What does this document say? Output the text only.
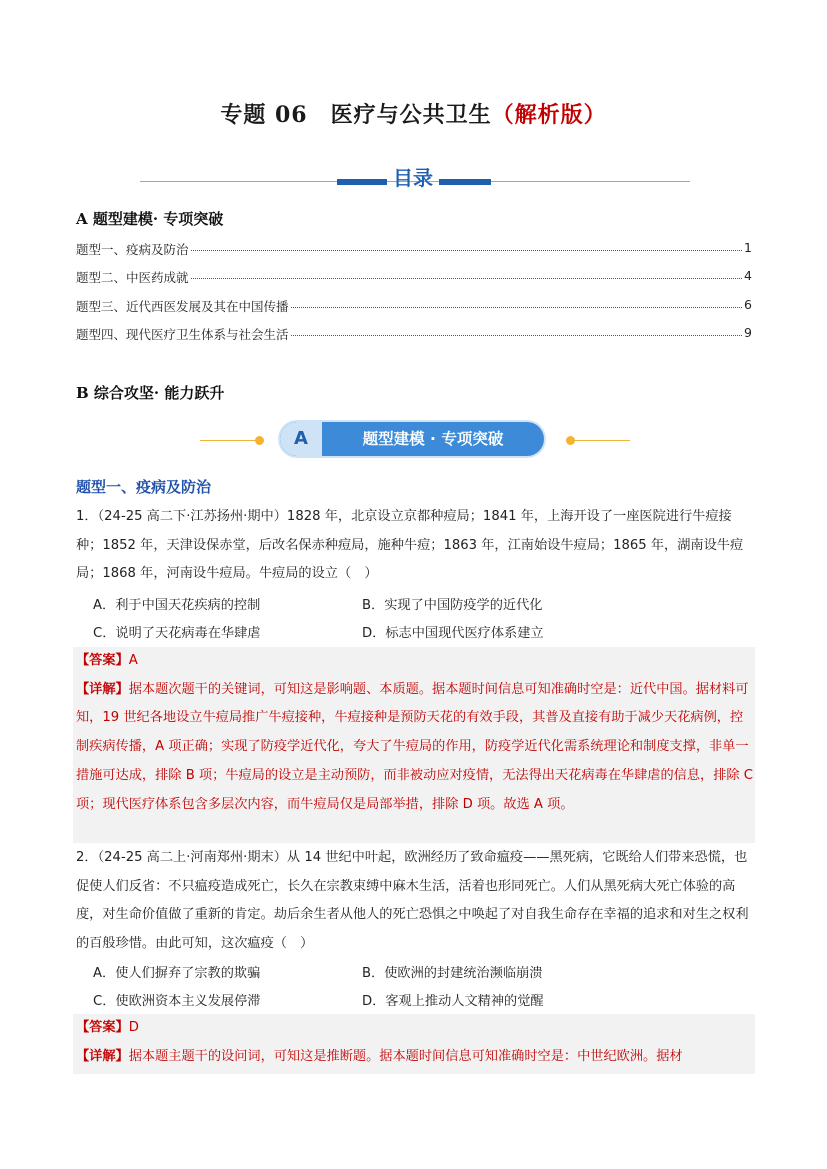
专题 06　医疗与公共卫生（解析版）
目录
A 题型建模· 专项突破
题型一、疫病及防治	1
题型二、中医药成就	4
题型三、近代西医发展及其在中国传播	6
题型四、现代医疗卫生体系与社会生活	9
B 综合攻坚· 能力跃升
A	题型建模 · 专项突破
题型一、疫病及防治
1．（24-25 高二下·江苏扬州·期中）1828 年，北京设立京都种痘局；1841 年，上海开设了一座医院进行牛痘接种；1852 年，天津设保赤堂，后改名保赤种痘局，施种牛痘；1863 年，江南始设牛痘局；1865 年，湖南设牛痘局；1868 年，河南设牛痘局。牛痘局的设立（　）
A．利于中国天花疾病的控制	B．实现了中国防疫学的近代化
C．说明了天花病毒在华肆虐	D．标志中国现代医疗体系建立
【答案】A
【详解】据本题次题干的关键词，可知这是影响题、本质题。据本题时间信息可知准确时空是：近代中国。据材料可知，19 世纪各地设立牛痘局推广牛痘接种，牛痘接种是预防天花的有效手段，其普及直接有助于减少天花病例，控制疾病传播，A 项正确；实现了防疫学近代化，夸大了牛痘局的作用，防疫学近代化需系统理论和制度支撑，非单一措施可达成，排除 B 项；牛痘局的设立是主动预防，而非被动应对疫情，无法得出天花病毒在华肆虐的信息，排除 C 项；现代医疗体系包含多层次内容，而牛痘局仅是局部举措，排除 D 项。故选 A 项。
2．（24-25 高二上·河南郑州·期末）从 14 世纪中叶起，欧洲经历了致命瘟疫——黑死病，它既给人们带来恐慌，也促使人们反省：不只瘟疫造成死亡，长久在宗教束缚中麻木生活，活着也形同死亡。人们从黑死病大死亡体验的高度，对生命价值做了重新的肯定。劫后余生者从他人的死亡恐惧之中唤起了对自我生命存在幸福的追求和对生之权利的百般珍惜。由此可知，这次瘟疫（　）
A．使人们摒弃了宗教的欺骗	B．使欧洲的封建统治濒临崩溃
C．使欧洲资本主义发展停滞	D．客观上推动人文精神的觉醒
【答案】D
【详解】据本题主题干的设问词，可知这是推断题。据本题时间信息可知准确时空是：中世纪欧洲。据材
